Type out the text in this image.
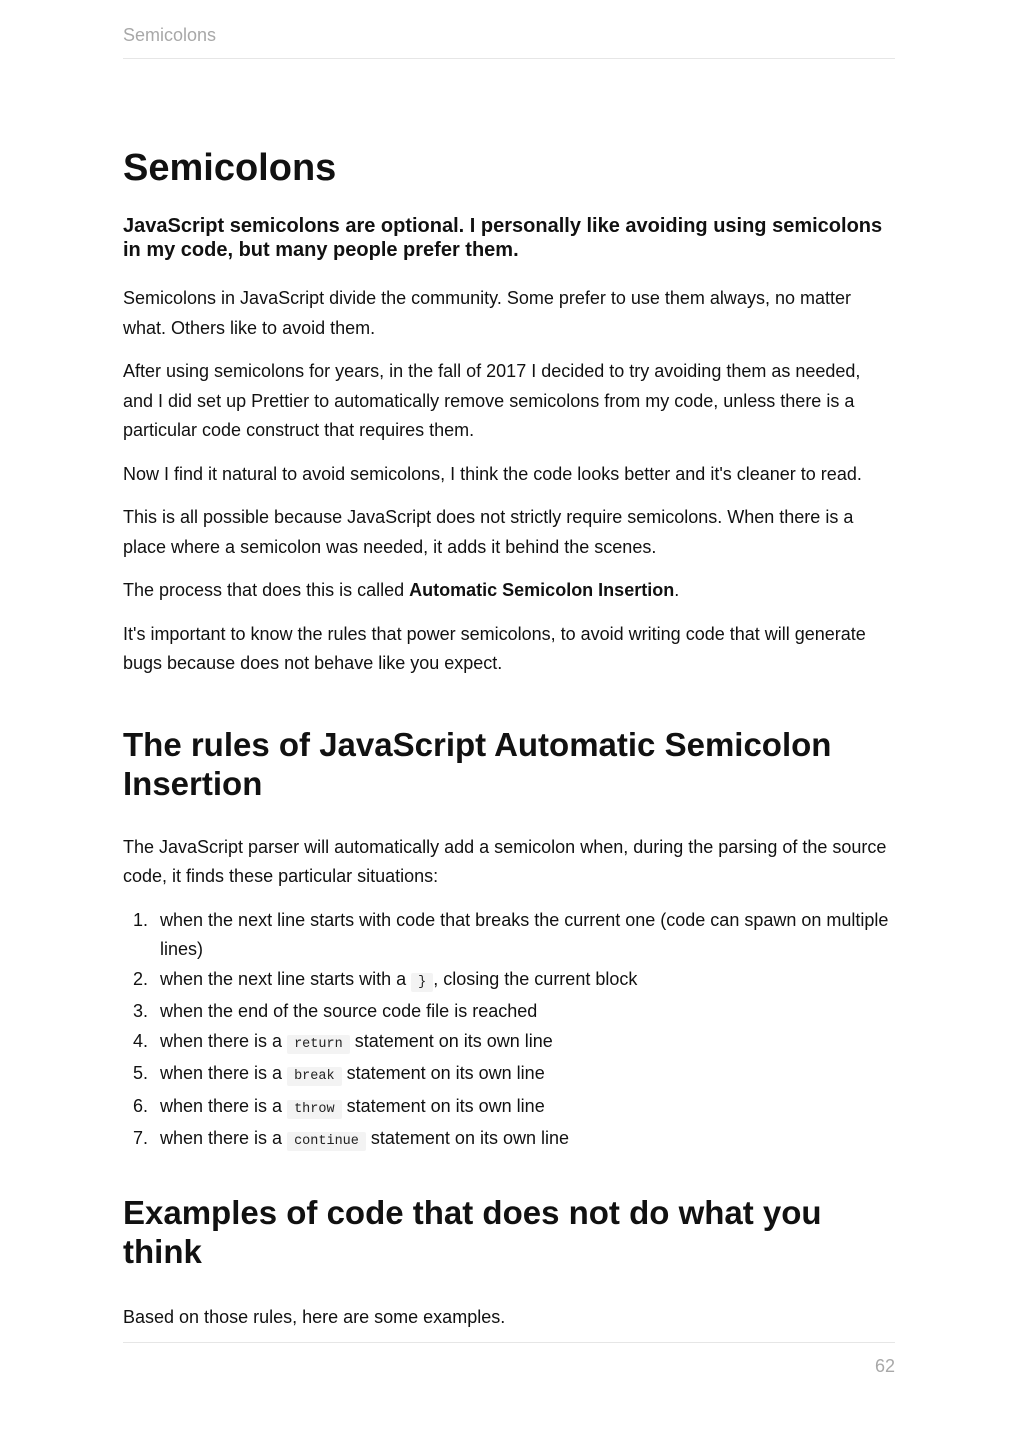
Semicolons
Semicolons
JavaScript semicolons are optional. I personally like avoiding using semicolons in my code, but many people prefer them.

Semicolons in JavaScript divide the community. Some prefer to use them always, no matter what. Others like to avoid them.

After using semicolons for years, in the fall of 2017 I decided to try avoiding them as needed, and I did set up Prettier to automatically remove semicolons from my code, unless there is a particular code construct that requires them.

Now I find it natural to avoid semicolons, I think the code looks better and it's cleaner to read.

This is all possible because JavaScript does not strictly require semicolons. When there is a place where a semicolon was needed, it adds it behind the scenes.

The process that does this is called Automatic Semicolon Insertion.

It's important to know the rules that power semicolons, to avoid writing code that will generate bugs because does not behave like you expect.

The rules of JavaScript Automatic Semicolon Insertion

The JavaScript parser will automatically add a semicolon when, during the parsing of the source code, it finds these particular situations:

1. when the next line starts with code that breaks the current one (code can spawn on multiple lines)
2. when the next line starts with a } , closing the current block
3. when the end of the source code file is reached
4. when there is a return statement on its own line
5. when there is a break statement on its own line
6. when there is a throw statement on its own line
7. when there is a continue statement on its own line
Examples of code that does not do what you think

Based on those rules, here are some examples.

62
